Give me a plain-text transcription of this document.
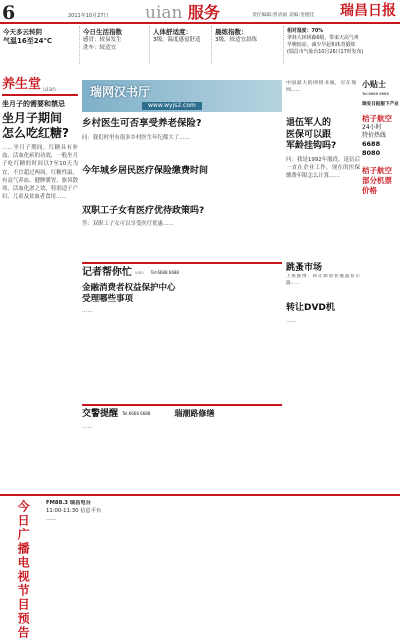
6	2011年10月27日 uian 服务	责任编辑:曾清福 美编:金德佳 瑞昌日报
今天多云转阴
气温16至24℃
今日生活指数
感冒：较易发生
洗车：较适宜
人体舒适度：
3级，温度感觉舒适
晨练指数：
3级，较适宜晨练
相对湿度：70%
翠林大林林森6级，带来天高气爽
早晚较凉，减少早起和体育锻炼
(瑞昌市气象台10月26日17时发布)
养生堂 uian
坐月子的需要和禁忌
坐月子期间
怎么吃红糖?
……坐月子期间，红糖具有补血、活血化瘀的功效，一般坐月子吃红糖的时间以7至10天为宜，不宜超过两周。红糖性温，有益气养血、健脾暖胃、驱风散寒、活血化淤之效，特别适于产妇、儿童及贫血者食用……
瑞网汉书厅
www.wyjs2.com
中国最大的网络书城，尽在瑞网……
乡村医生可否享受养老保险?
问：我们村里有很多乡村医生年纪都大了……
今年城乡居民医疗保险缴费时间
双职工子女有医疗优待政策吗?
答：双职工子女可以享受医疗优惠……
退伍军人的
医保可以跟
军龄挂钩吗?
问：我是1992年服役，退伍后一直在企业工作，现在的医保缴费年限怎么计算……
小贴士
Tel:6888 6688
瑞安日报服下产业
桔子航空
24小时
特价热线
6688 8080
桔子航空
部分机票
价格
记者帮你忙 uian Tel:6688 6688
金融消费者权益保护中心
受理哪些事项
……
跳蚤市场
上班族博：转让新屏显液晶显示器……
转让DVD机
……
交警提醒 Tel:6668 6688	瑞潮路修缮
……
今日广播电视节目预告	FM88.3 瑞昌电台
11:00-11:30 信息平台
……
